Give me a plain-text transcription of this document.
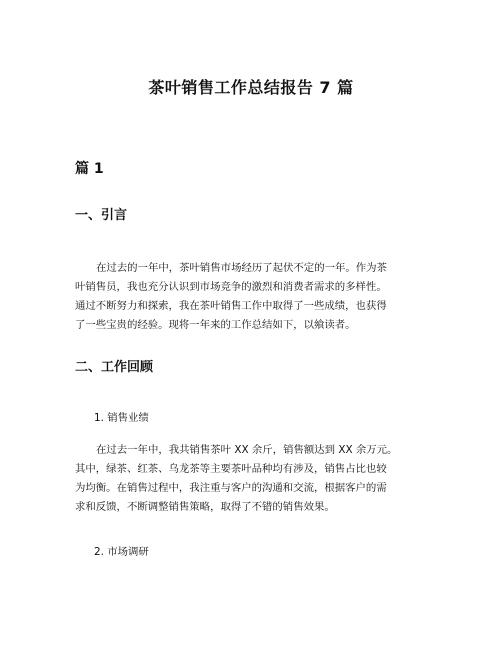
茶叶销售工作总结报告 7 篇
篇 1
一、引言
在过去的一年中，茶叶销售市场经历了起伏不定的一年。作为茶
叶销售员，我也充分认识到市场竞争的激烈和消费者需求的多样性。
通过不断努力和探索，我在茶叶销售工作中取得了一些成绩，也获得
了一些宝贵的经验。现将一年来的工作总结如下，以飨读者。
二、工作回顾
1. 销售业绩
在过去一年中，我共销售茶叶 XX 余斤，销售额达到 XX 余万元。
其中，绿茶、红茶、乌龙茶等主要茶叶品种均有涉及，销售占比也较
为均衡。在销售过程中，我注重与客户的沟通和交流，根据客户的需
求和反馈，不断调整销售策略，取得了不错的销售效果。
2. 市场调研
